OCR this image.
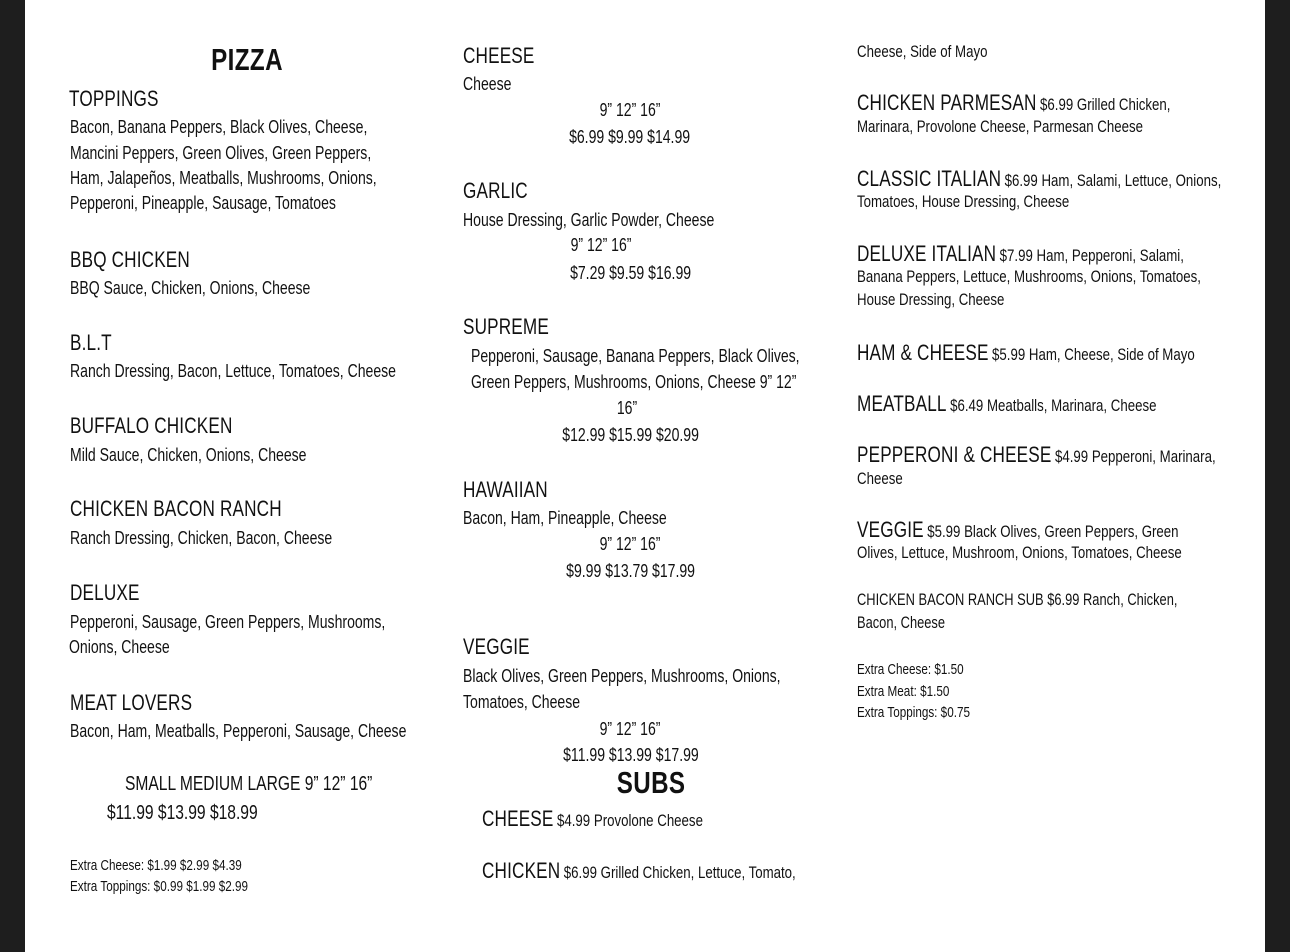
PIZZA
TOPPINGS
Bacon, Banana Peppers, Black Olives, Cheese,
Mancini Peppers, Green Olives, Green Peppers,
Ham, Jalapeños, Meatballs, Mushrooms, Onions,
Pepperoni, Pineapple, Sausage, Tomatoes
BBQ CHICKEN
BBQ Sauce, Chicken, Onions, Cheese
B.L.T
Ranch Dressing, Bacon, Lettuce, Tomatoes, Cheese
BUFFALO CHICKEN
Mild Sauce, Chicken, Onions, Cheese
CHICKEN BACON RANCH
Ranch Dressing, Chicken, Bacon, Cheese
DELUXE
Pepperoni, Sausage, Green Peppers, Mushrooms,
Onions, Cheese
MEAT LOVERS
Bacon, Ham, Meatballs, Pepperoni, Sausage, Cheese
SMALL MEDIUM LARGE 9” 12” 16”
$11.99 $13.99 $18.99
Extra Cheese: $1.99 $2.99 $4.39
Extra Toppings: $0.99 $1.99 $2.99
CHEESE
Cheese
9” 12” 16”
$6.99 $9.99 $14.99
GARLIC
House Dressing, Garlic Powder, Cheese
9” 12” 16”
$7.29 $9.59 $16.99
SUPREME
Pepperoni, Sausage, Banana Peppers, Black Olives,
Green Peppers, Mushrooms, Onions, Cheese 9” 12”
16”
$12.99 $15.99 $20.99
HAWAIIAN
Bacon, Ham, Pineapple, Cheese
9” 12” 16”
$9.99 $13.79 $17.99
VEGGIE
Black Olives, Green Peppers, Mushrooms, Onions,
Tomatoes, Cheese
9” 12” 16”
$11.99 $13.99 $17.99
SUBS
CHEESE $4.99 Provolone Cheese
CHICKEN $6.99 Grilled Chicken, Lettuce, Tomato,
Cheese, Side of Mayo
CHICKEN PARMESAN $6.99 Grilled Chicken,
Marinara, Provolone Cheese, Parmesan Cheese
CLASSIC ITALIAN $6.99 Ham, Salami, Lettuce, Onions,
Tomatoes, House Dressing, Cheese
DELUXE ITALIAN $7.99 Ham, Pepperoni, Salami,
Banana Peppers, Lettuce, Mushrooms, Onions, Tomatoes,
House Dressing, Cheese
HAM & CHEESE $5.99 Ham, Cheese, Side of Mayo
MEATBALL $6.49 Meatballs, Marinara, Cheese
PEPPERONI & CHEESE $4.99 Pepperoni, Marinara,
Cheese
VEGGIE $5.99 Black Olives, Green Peppers, Green
Olives, Lettuce, Mushroom, Onions, Tomatoes, Cheese
CHICKEN BACON RANCH SUB $6.99 Ranch, Chicken,
Bacon, Cheese
Extra Cheese: $1.50
Extra Meat: $1.50
Extra Toppings: $0.75
